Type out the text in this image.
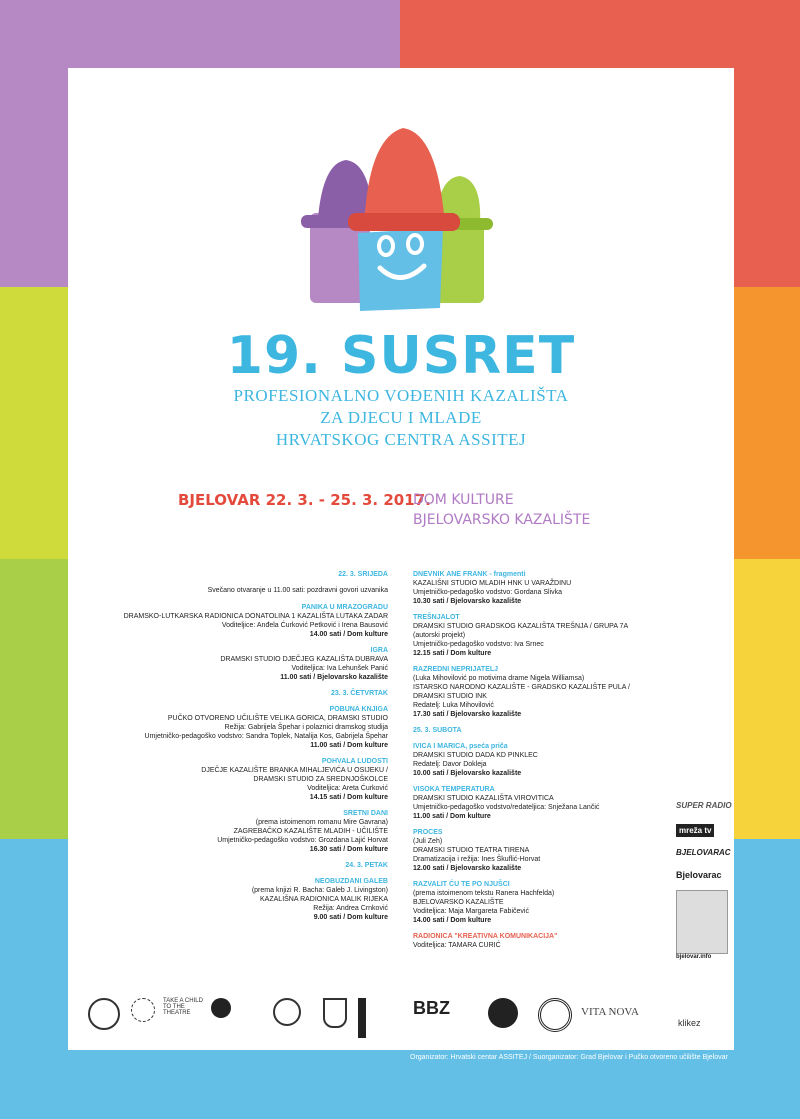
19. SUSRET
PROFESIONALNO VOĐENIH KAZALIŠTA
ZA DJECU I MLADE
HRVATSKOG CENTRA ASSITEJ
BJELOVAR 22. 3. - 25. 3. 2017.
DOM KULTURE
BJELOVARSKO KAZALIŠTE
22. 3. SRIJEDA
Svečano otvaranje u 11.00 sati: pozdravni govori uzvanika
PANIKA U MRAZOGRADU
DRAMSKO-LUTKARSKA RADIONICA DONATOLINA 1 KAZALIŠTA LUTAKA ZADAR
Voditeljice: Anđela Ćurković Petković i Irena Bausović
14.00 sati / Dom kulture
IGRA
DRAMSKI STUDIO DJEČJEG KAZALIŠTA DUBRAVA
Voditeljica: Iva Lehunšek Panić
11.00 sati / Bjelovarsko kazalište
23. 3. ČETVRTAK
POBUNA KNJIGA
PUČKO OTVORENO UČILIŠTE VELIKA GORICA, DRAMSKI STUDIO
Režija: Gabrijela Špehar i polaznici dramskog studija
Umjetničko-pedagoško vodstvo: Sandra Toplek, Natalija Kos, Gabrijela Špehar
11.00 sati / Dom kulture
POHVALA LUDOSTI
DJEČJE KAZALIŠTE BRANKA MIHALJEVIĆA U OSIJEKU /
DRAMSKI STUDIO ZA SREDNJOŠKOLCE
Voditeljica: Areta Ćurković
14.15 sati / Dom kulture
SRETNI DANI
(prema istoimenom romanu Mire Gavrana)
ZAGREBAČKO KAZALIŠTE MLADIH - UČILIŠTE
Umjetničko-pedagoško vodstvo: Grozdana Lajić Horvat
16.30 sati / Dom kulture
24. 3. PETAK
NEOBUZDANI GALEB
(prema knjizi R. Bacha: Galeb J. Livingston)
KAZALIŠNA RADIONICA MALIK RIJEKA
Režija: Andrea Crnković
9.00 sati / Dom kulture
DNEVNIK ANE FRANK - fragmenti
KAZALIŠNI STUDIO MLADIH HNK U VARAŽDINU
Umjetničko-pedagoško vodstvo: Gordana Slivka
10.30 sati / Bjelovarsko kazalište
TREŠNJALOT
DRAMSKI STUDIO GRADSKOG KAZALIŠTA TREŠNJA / GRUPA 7A
(autorski projekt)
Umjetničko-pedagoško vodstvo: Iva Srnec
12.15 sati / Dom kulture
RAZREDNI NEPRIJATELJ
(Luka Mihovilović po motivima drame Nigela Williamsa)
ISTARSKO NARODNO KAZALIŠTE - GRADSKO KAZALIŠTE PULA / DRAMSKI STUDIO INK
Redatelj: Luka Mihovilović
17.30 sati / Bjelovarsko kazalište
25. 3. SUBOTA
IVICA I MARICA, pseća priča
DRAMSKI STUDIO DADA KD PINKLEC
Redatelj: Davor Dokleja
10.00 sati / Bjelovarsko kazalište
VISOKA TEMPERATURA
DRAMSKI STUDIO KAZALIŠTA VIROVITICA
Umjetničko-pedagoško vodstvo/redateljica: Snježana Lančić
11.00 sati / Dom kulture
PROCES
(Juli Zeh)
DRAMSKI STUDIO TEATRA TIRENA
Dramatizacija i režija: Ines Škuflić-Horvat
12.00 sati / Bjelovarsko kazalište
RAZVALIT ĆU TE PO NJUŠCI
(prema istoimenom tekstu Ranera Hachfelda)
BJELOVARSKO KAZALIŠTE
Voditeljica: Maja Margareta Fabičević
14.00 sati / Dom kulture
RADIONICA "KREATIVNA KOMUNIKACIJA"
Voditeljica: TAMARA CURIĆ
SUPER RADIO
mreža tv
BJELOVARAC
Bjelovarac
bjelovar.info
TAKE A CHILD TO THE THEATRE	BBZ	VITA NOVA
klikez
Organizator: Hrvatski centar ASSITEJ / Suorganizator: Grad Bjelovar i Pučko otvoreno učilište Bjelovar
